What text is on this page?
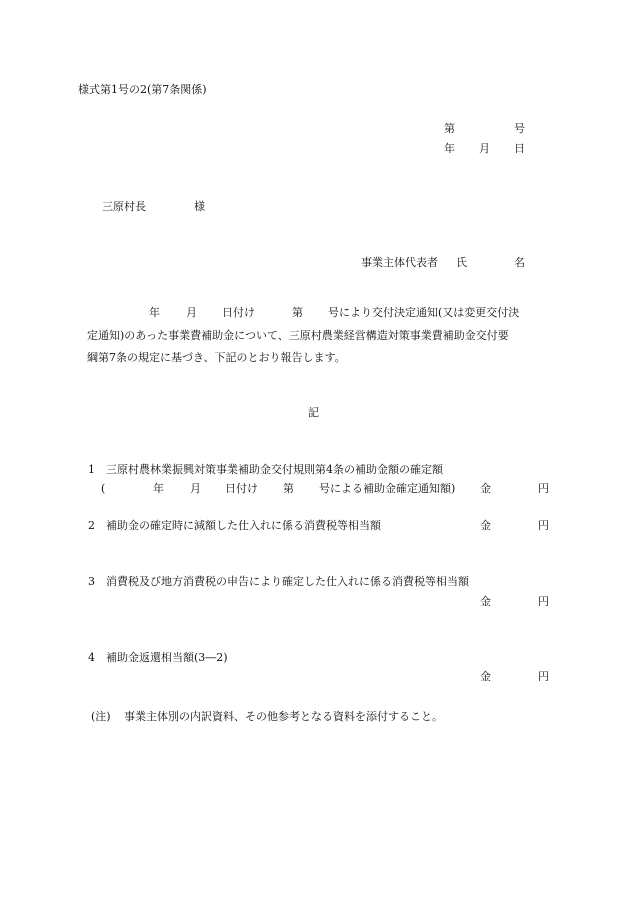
様式第1号の2(第7条関係)
第	号
年 月 日
三原村長	様
事業主体代表者 氏	名
年 月 日付け	第 号により交付決定通知(又は変更交付決
定通知)のあった事業費補助金について、三原村農業経営構造対策事業費補助金交付要
綱第7条の規定に基づき、下記のとおり報告します。
記
1 三原村農林業振興対策事業補助金交付規則第4条の補助金額の確定額
(	年 月 日付け 第 号による補助金確定通知額) 金	円
2 補助金の確定時に減額した仕入れに係る消費税等相当額	金	円
3 消費税及び地方消費税の申告により確定した仕入れに係る消費税等相当額
金	円
4 補助金返還相当額(3―2)
金	円
(注) 事業主体別の内訳資料、その他参考となる資料を添付すること。
